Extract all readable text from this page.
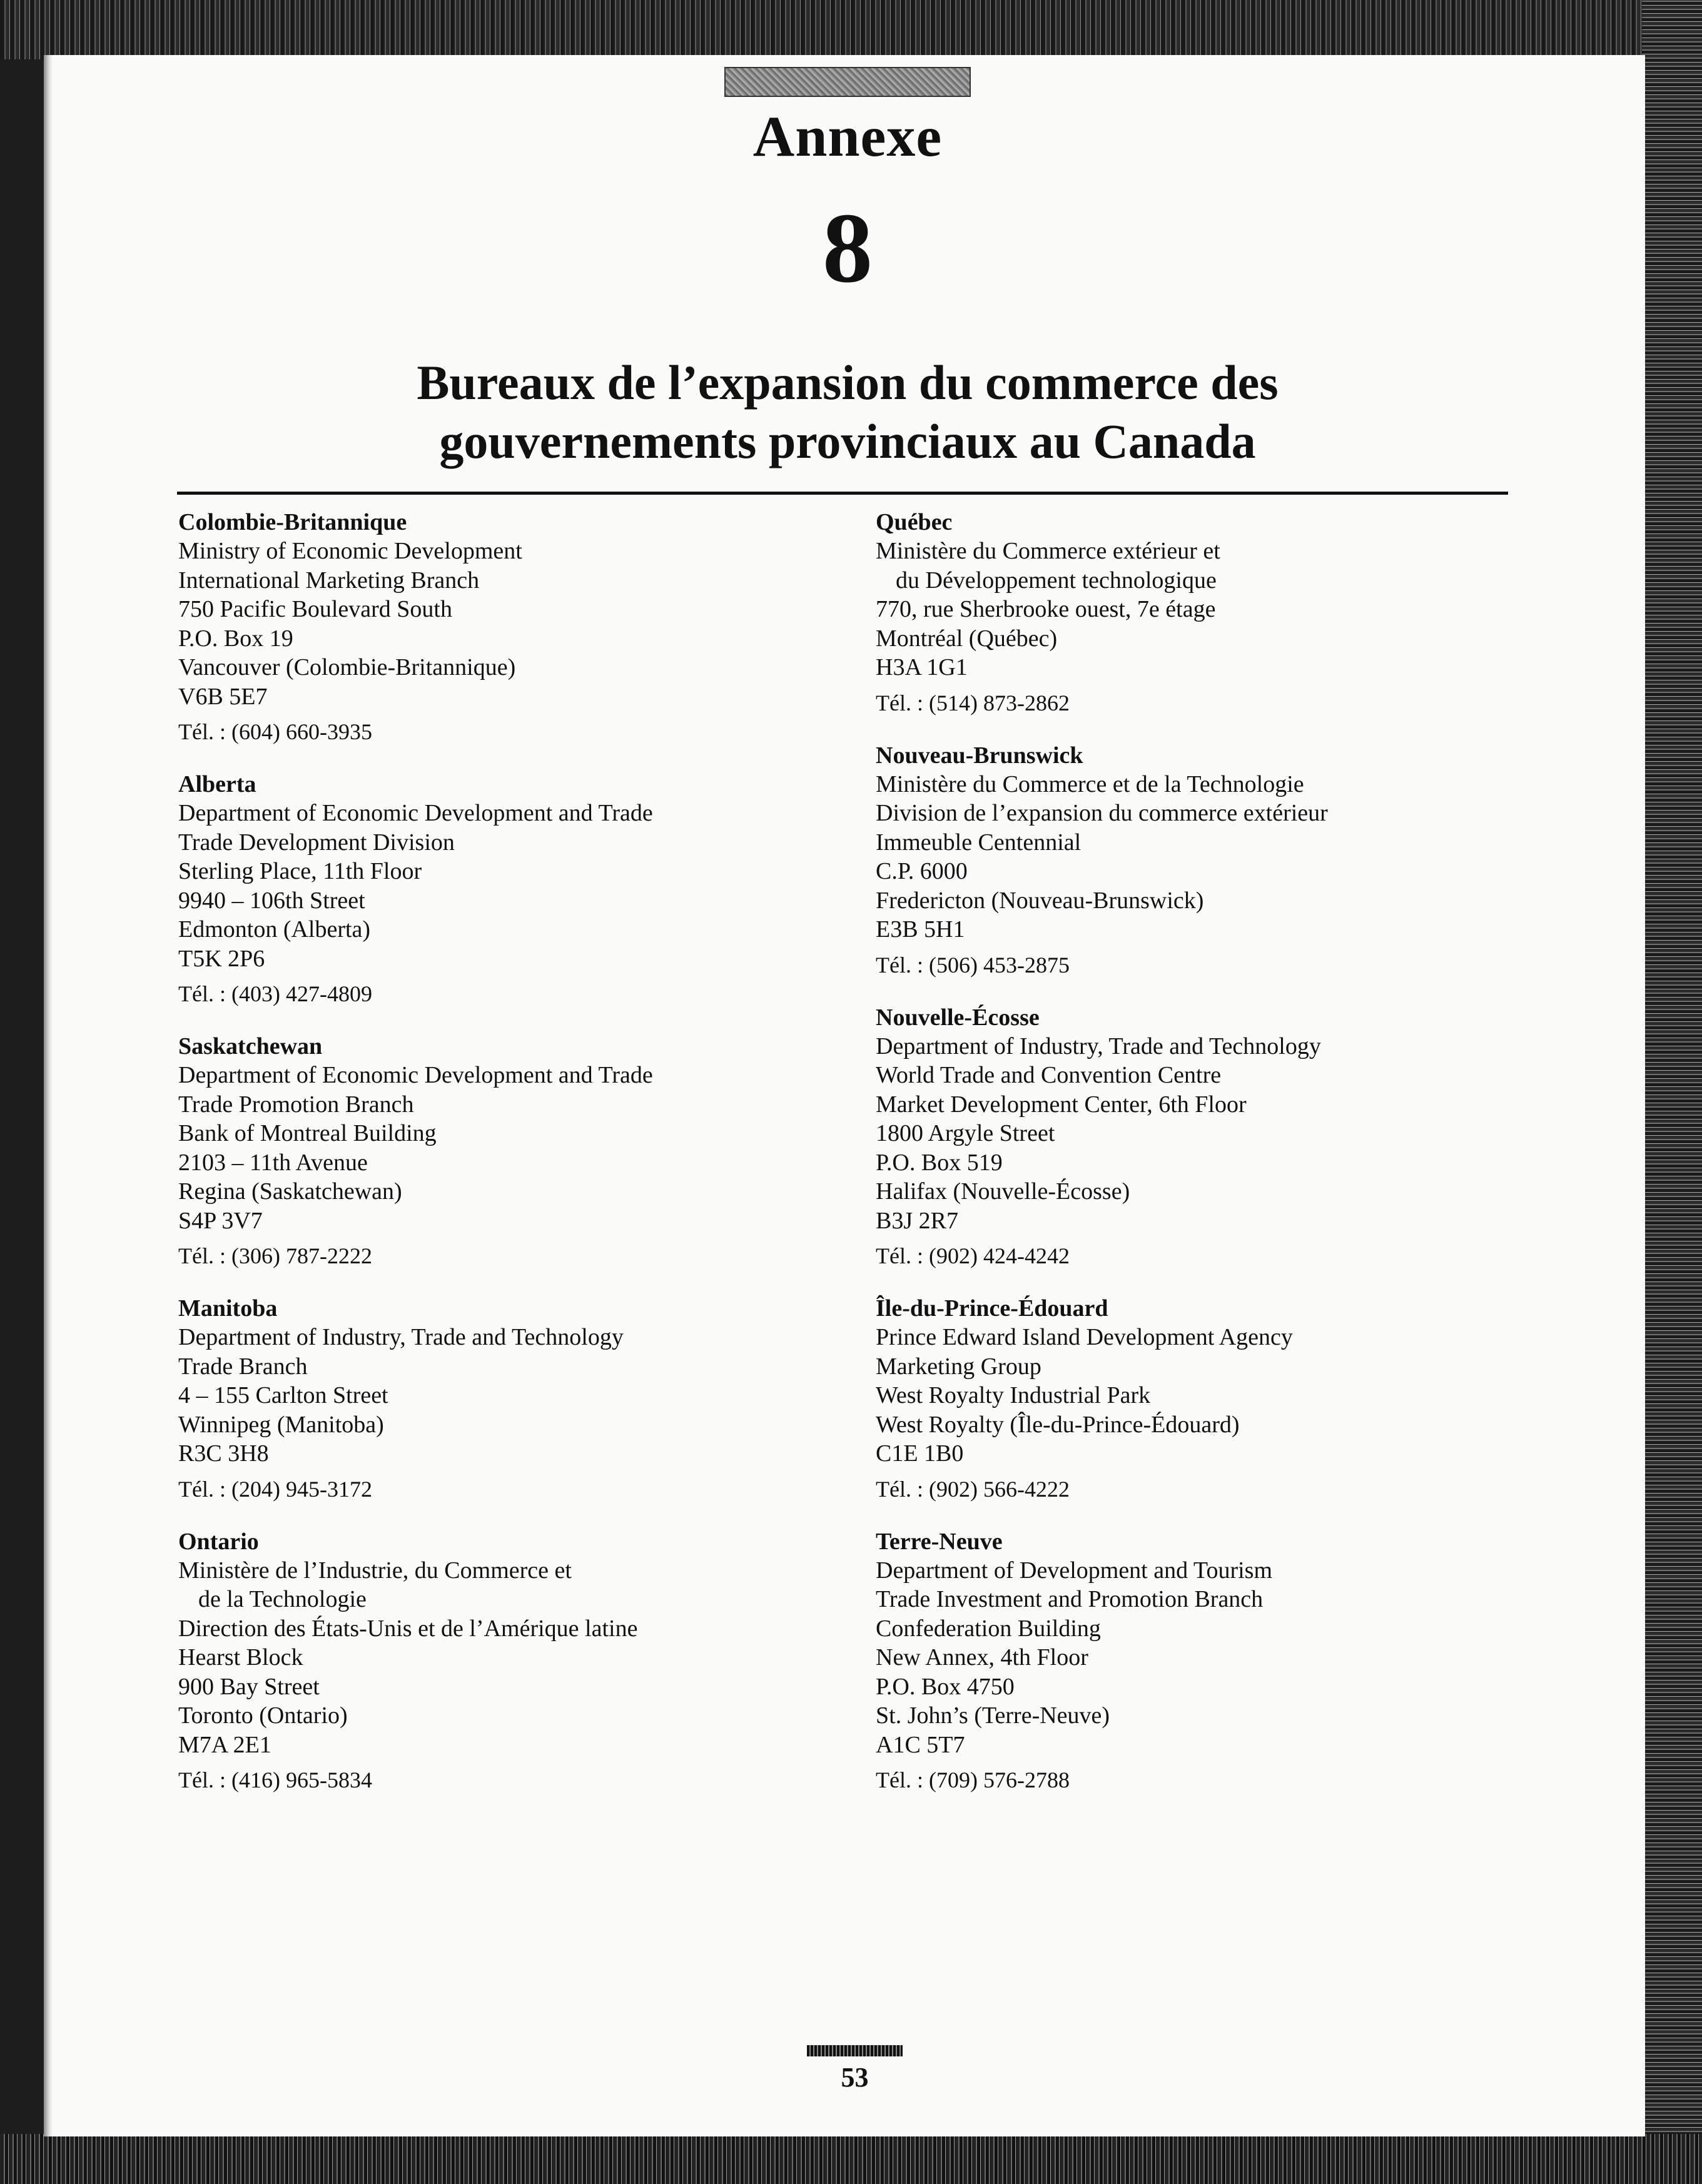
Annexe
8
Bureaux de l’expansion du commerce des
gouvernements provinciaux au Canada
Colombie-Britannique
Ministry of Economic Development
International Marketing Branch
750 Pacific Boulevard South
P.O. Box 19
Vancouver (Colombie-Britannique)
V6B 5E7
Tél. : (604) 660-3935
Alberta
Department of Economic Development and Trade
Trade Development Division
Sterling Place, 11th Floor
9940 – 106th Street
Edmonton (Alberta)
T5K 2P6
Tél. : (403) 427-4809
Saskatchewan
Department of Economic Development and Trade
Trade Promotion Branch
Bank of Montreal Building
2103 – 11th Avenue
Regina (Saskatchewan)
S4P 3V7
Tél. : (306) 787-2222
Manitoba
Department of Industry, Trade and Technology
Trade Branch
4 – 155 Carlton Street
Winnipeg (Manitoba)
R3C 3H8
Tél. : (204) 945-3172
Ontario
Ministère de l’Industrie, du Commerce et
de la Technologie
Direction des États-Unis et de l’Amérique latine
Hearst Block
900 Bay Street
Toronto (Ontario)
M7A 2E1
Tél. : (416) 965-5834
Québec
Ministère du Commerce extérieur et
du Développement technologique
770, rue Sherbrooke ouest, 7e étage
Montréal (Québec)
H3A 1G1
Tél. : (514) 873-2862
Nouveau-Brunswick
Ministère du Commerce et de la Technologie
Division de l’expansion du commerce extérieur
Immeuble Centennial
C.P. 6000
Fredericton (Nouveau-Brunswick)
E3B 5H1
Tél. : (506) 453-2875
Nouvelle-Écosse
Department of Industry, Trade and Technology
World Trade and Convention Centre
Market Development Center, 6th Floor
1800 Argyle Street
P.O. Box 519
Halifax (Nouvelle-Écosse)
B3J 2R7
Tél. : (902) 424-4242
Île-du-Prince-Édouard
Prince Edward Island Development Agency
Marketing Group
West Royalty Industrial Park
West Royalty (Île-du-Prince-Édouard)
C1E 1B0
Tél. : (902) 566-4222
Terre-Neuve
Department of Development and Tourism
Trade Investment and Promotion Branch
Confederation Building
New Annex, 4th Floor
P.O. Box 4750
St. John’s (Terre-Neuve)
A1C 5T7
Tél. : (709) 576-2788
53
